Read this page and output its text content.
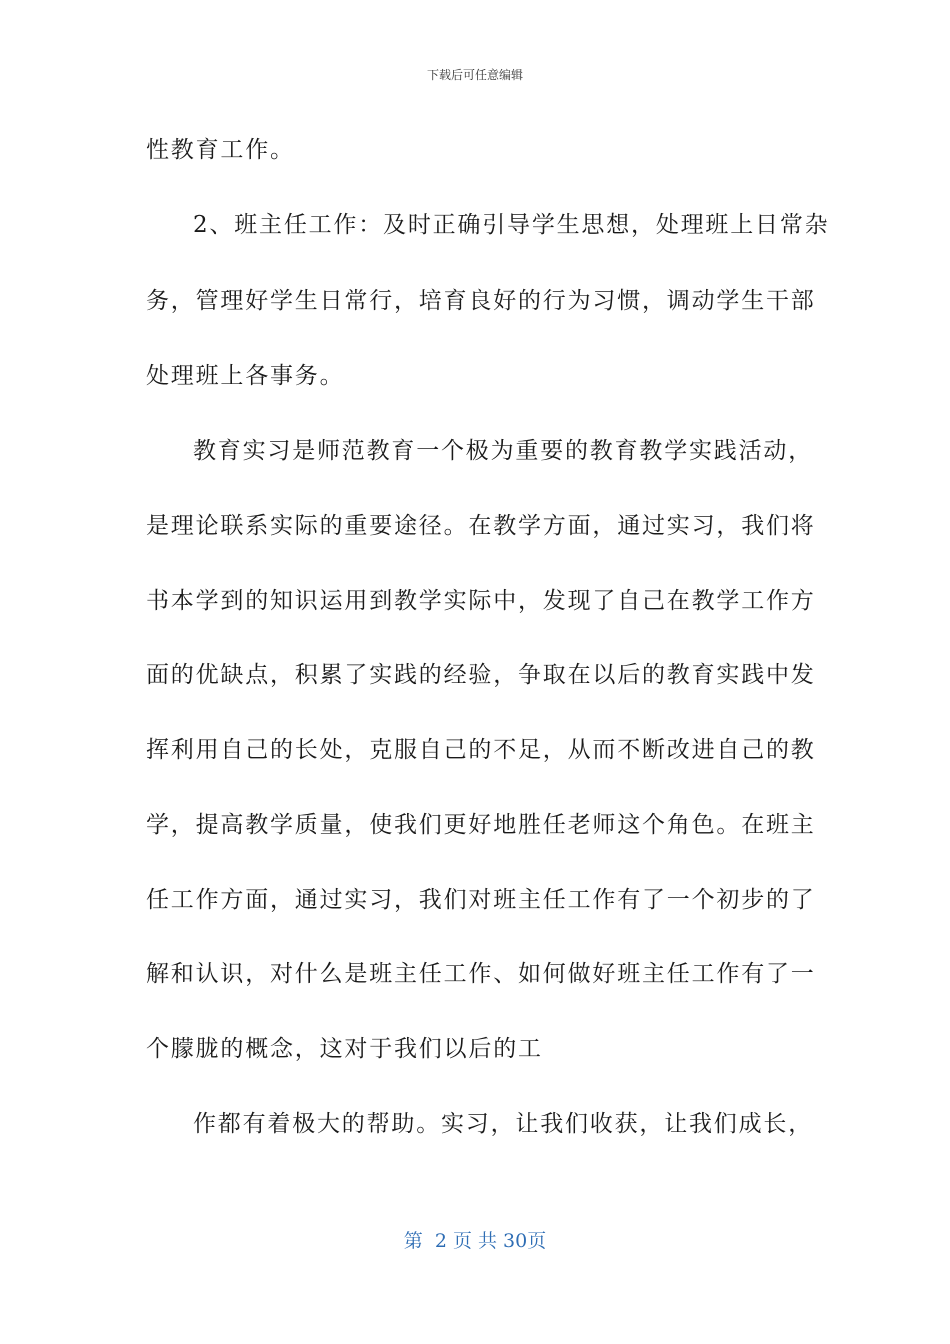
下载后可任意编辑
性教育工作。
2、班主任工作：及时正确引导学生思想，处理班上日常杂
务，管理好学生日常行，培育良好的行为习惯，调动学生干部
处理班上各事务。
教育实习是师范教育一个极为重要的教育教学实践活动，
是理论联系实际的重要途径。在教学方面，通过实习，我们将
书本学到的知识运用到教学实际中，发现了自己在教学工作方
面的优缺点，积累了实践的经验，争取在以后的教育实践中发
挥利用自己的长处，克服自己的不足，从而不断改进自己的教
学，提高教学质量，使我们更好地胜任老师这个角色。在班主
任工作方面，通过实习，我们对班主任工作有了一个初步的了
解和认识，对什么是班主任工作、如何做好班主任工作有了一
个朦胧的概念，这对于我们以后的工
作都有着极大的帮助。实习，让我们收获，让我们成长，
第  2 页 共 30页
